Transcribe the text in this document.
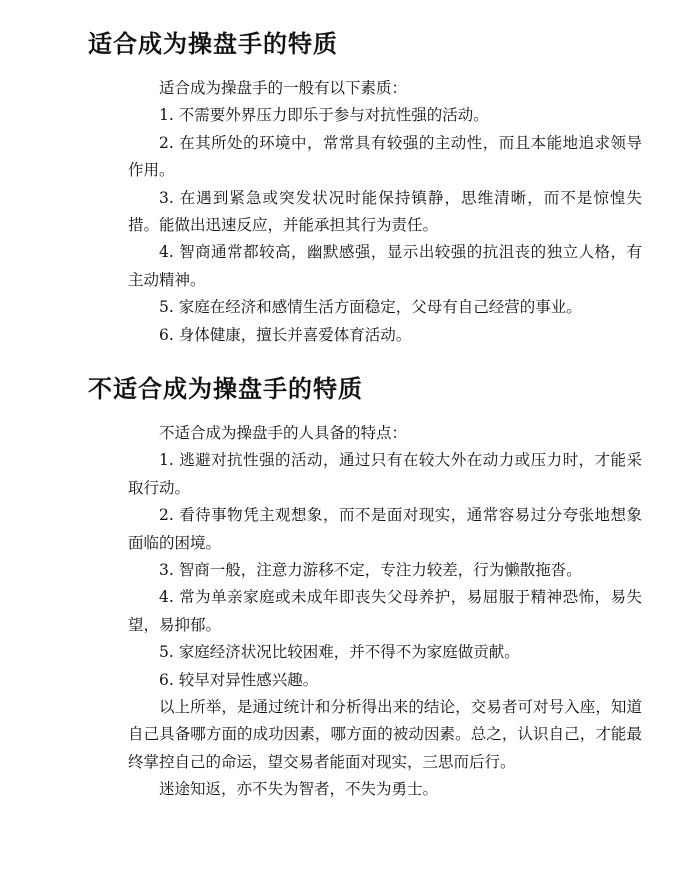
适合成为操盘手的特质

适合成为操盘手的一般有以下素质：

1. 不需要外界压力即乐于参与对抗性强的活动。

2. 在其所处的环境中，常常具有较强的主动性，而且本能地追求领导作用。

3. 在遇到紧急或突发状况时能保持镇静，思维清晰，而不是惊惶失措。能做出迅速反应，并能承担其行为责任。

4. 智商通常都较高，幽默感强，显示出较强的抗沮丧的独立人格，有主动精神。

5. 家庭在经济和感情生活方面稳定，父母有自己经营的事业。

6. 身体健康，擅长并喜爱体育活动。

不适合成为操盘手的特质

不适合成为操盘手的人具备的特点：

1. 逃避对抗性强的活动，通过只有在较大外在动力或压力时，才能采取行动。

2. 看待事物凭主观想象，而不是面对现实，通常容易过分夸张地想象面临的困境。

3. 智商一般，注意力游移不定，专注力较差，行为懒散拖沓。

4. 常为单亲家庭或未成年即丧失父母养护，易屈服于精神恐怖，易失望，易抑郁。

5. 家庭经济状况比较困难，并不得不为家庭做贡献。

6. 较早对异性感兴趣。

以上所举，是通过统计和分析得出来的结论，交易者可对号入座，知道自己具备哪方面的成功因素，哪方面的被动因素。总之，认识自己，才能最终掌控自己的命运，望交易者能面对现实，三思而后行。

迷途知返，亦不失为智者，不失为勇士。
